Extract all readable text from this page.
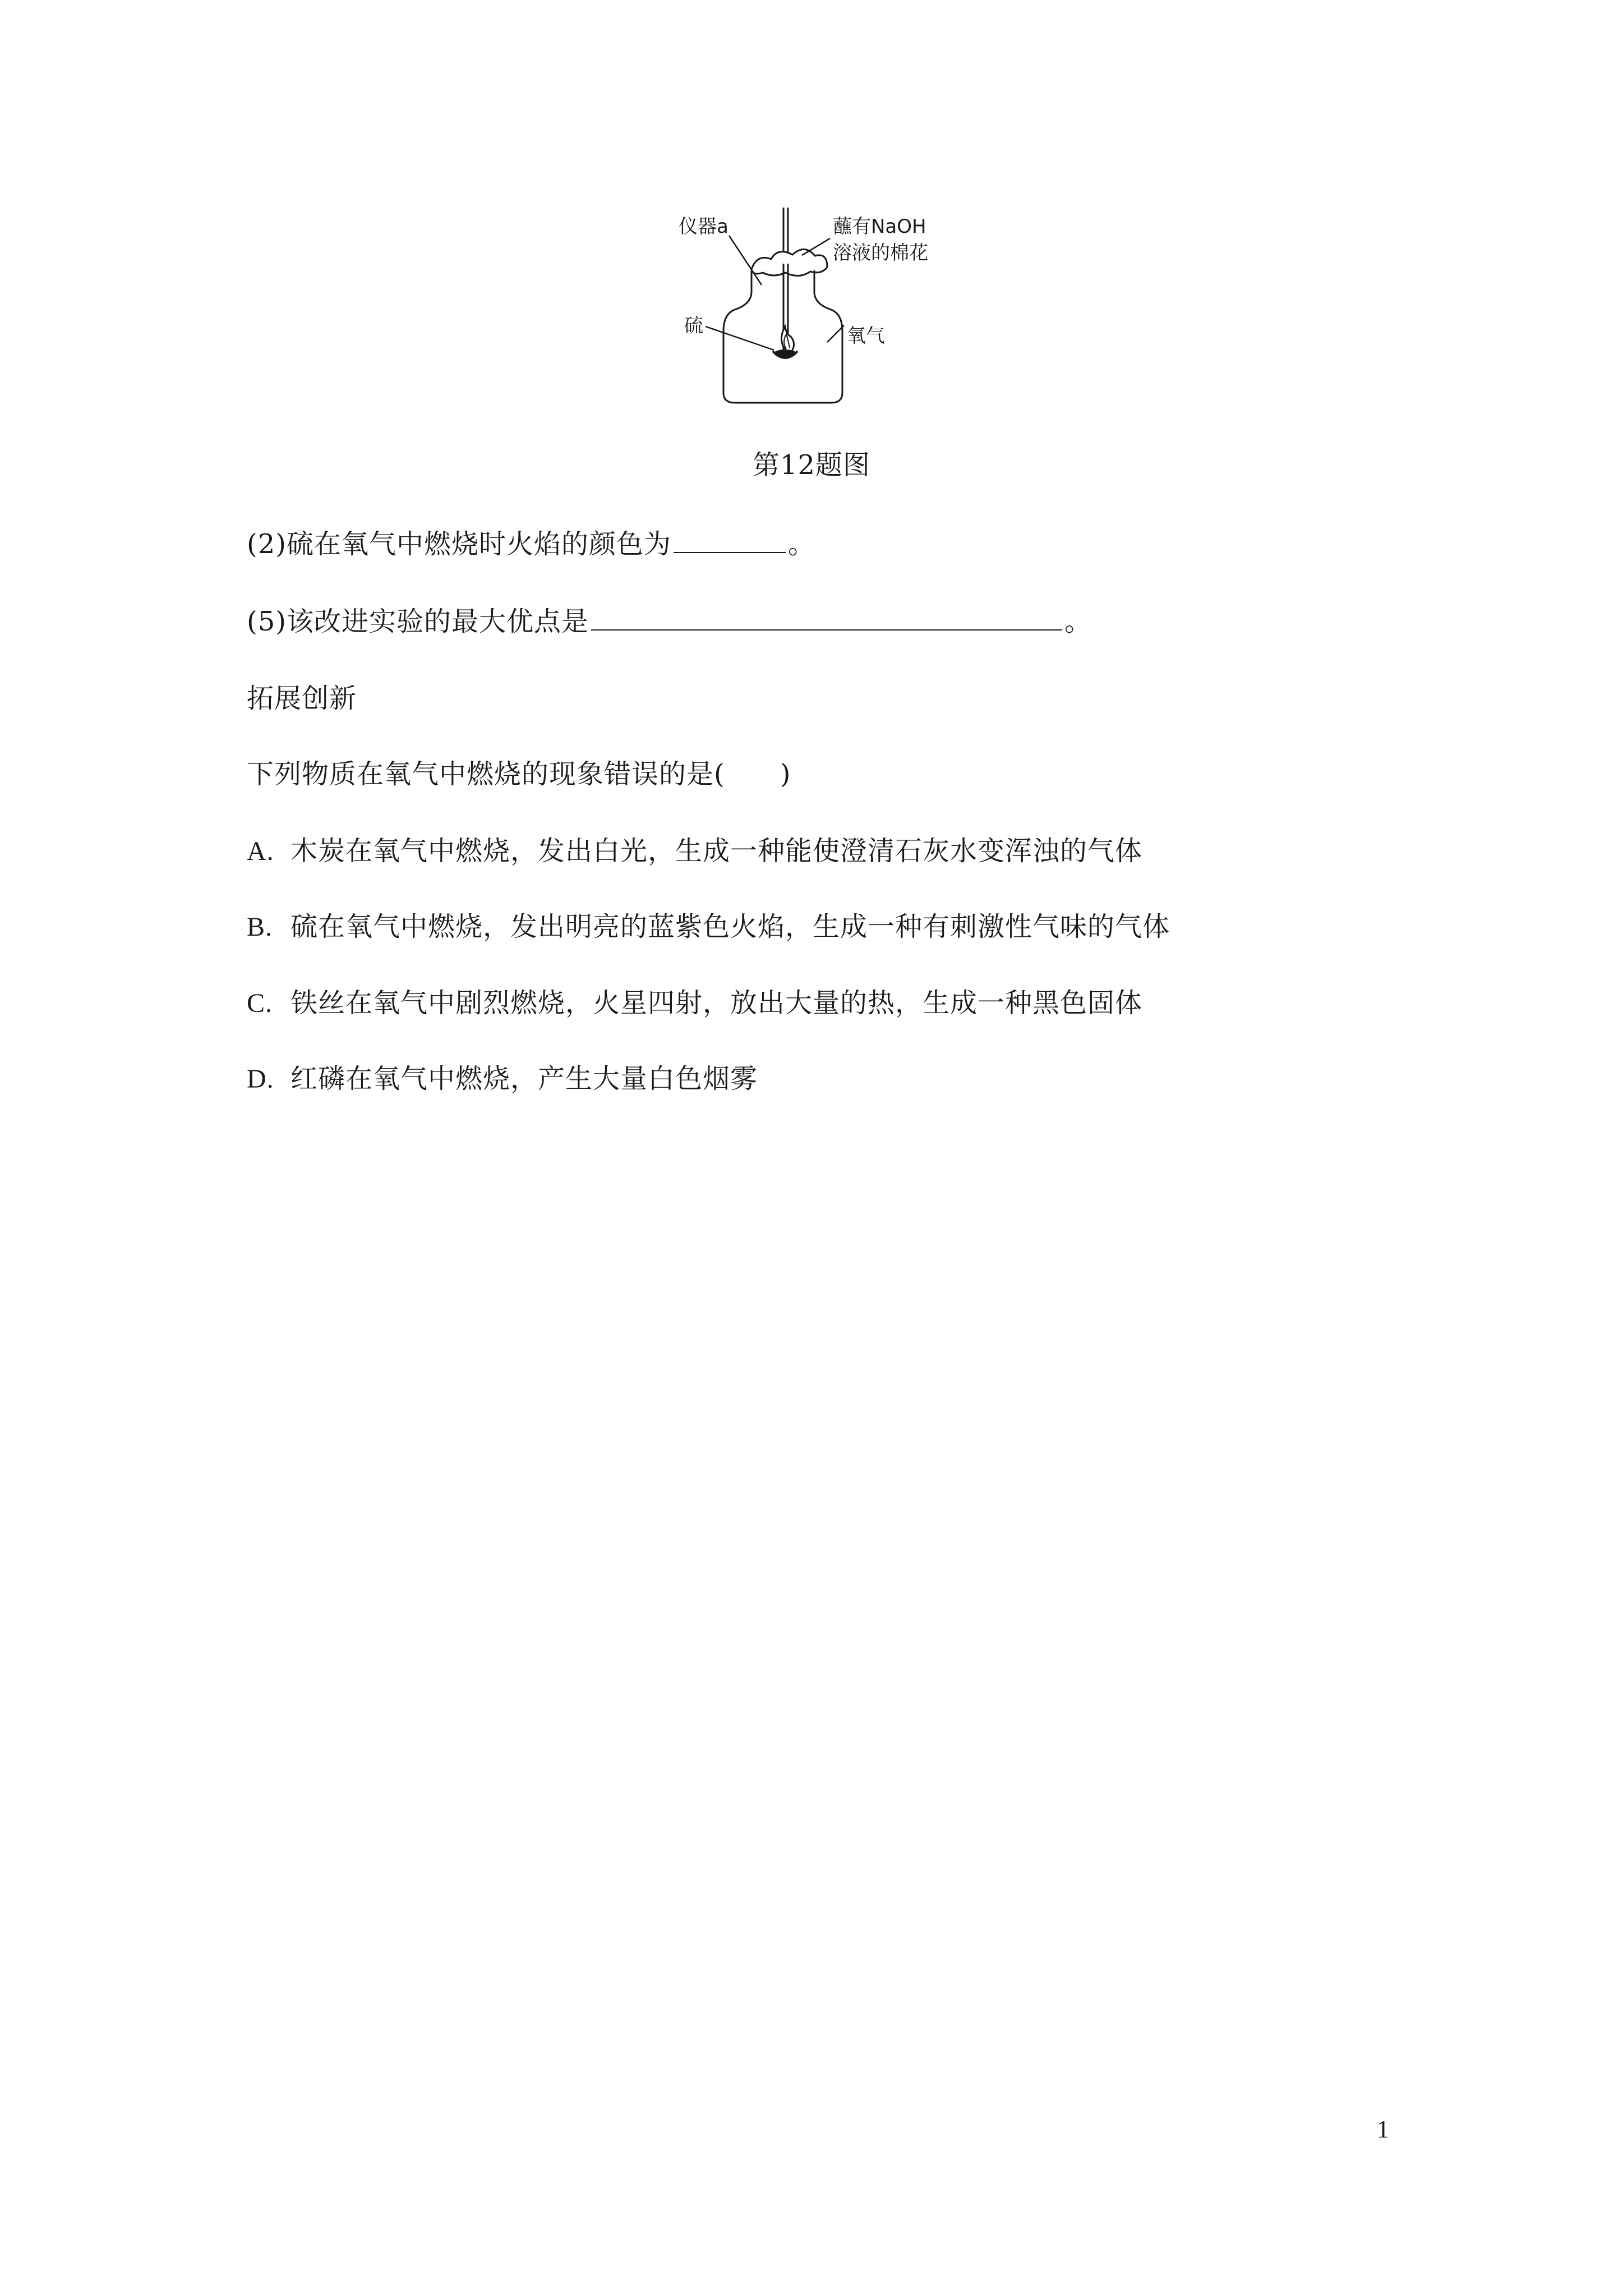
仪器a	蘸有NaOH
溶液的棉花
硫	氧气
第12题图
(2)硫在氧气中燃烧时火焰的颜色为	。
(5)该改进实验的最大优点是	。
拓展创新
下列物质在氧气中燃烧的现象错误的是(　　)
A. 木炭在氧气中燃烧，发出白光，生成一种能使澄清石灰水变浑浊的气体
B. 硫在氧气中燃烧，发出明亮的蓝紫色火焰，生成一种有刺激性气味的气体
C. 铁丝在氧气中剧烈燃烧，火星四射，放出大量的热，生成一种黑色固体
D. 红磷在氧气中燃烧，产生大量白色烟雾
1
